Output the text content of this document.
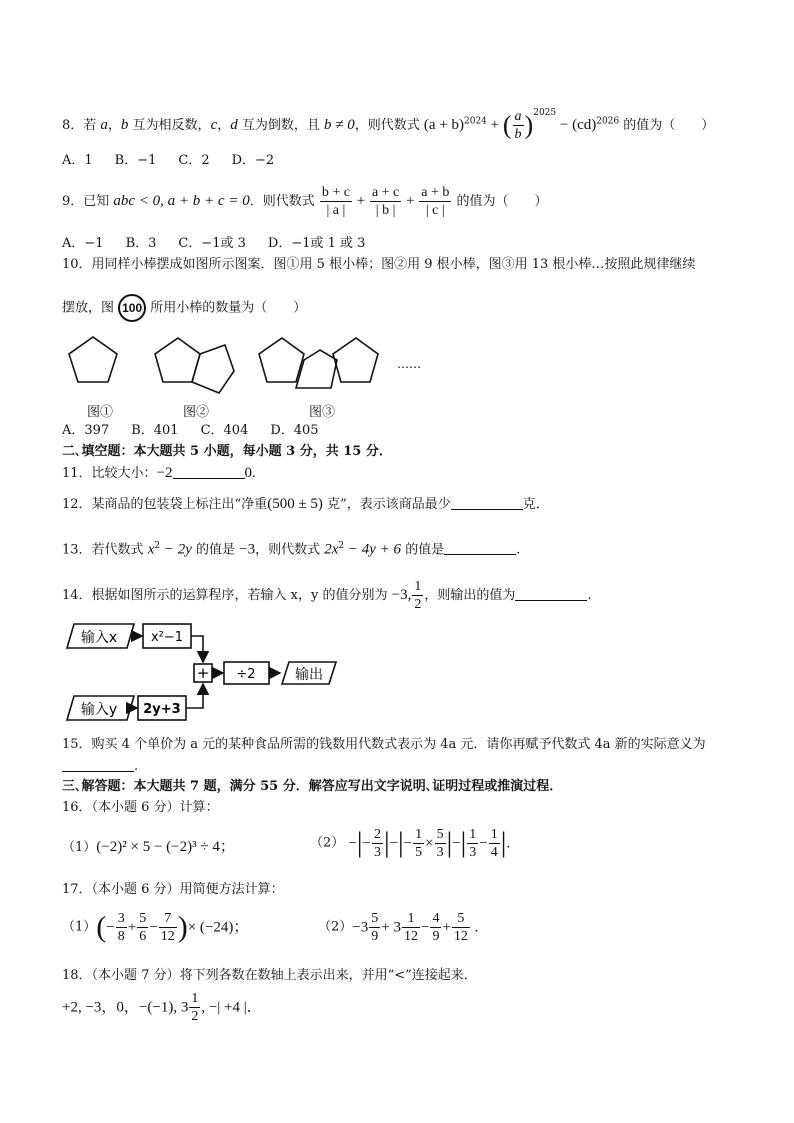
8．若 a，b 互为相反数，c，d 互为倒数，且 b ≠ 0，则代数式 $(a + b)^{2024}$ + ( $\frac{a}{b} )^{2025} - (cd)^{2026}$ 的值为（　　）
A．1 B．−1 C．2 D．−2
9．已知 abc < 0, a + b + c = 0．则代数式 $\frac{b + c}{| a |} + \frac{a + c}{| b |} + \frac{a + b}{| c |}$ 的值为（　　）
A．−1 B．3 C．−1或 3 D．−1或 1 或 3
10．用同样小棒摆成如图所示图案．图①用 5 根小棒；图②用 9 根小棒，图③用 13 根小棒…按照此规律继续
摆放，图 100 所用小棒的数量为（　　）
……
图①	图②	图③
A．397 B．401 C．404 D．405
二､填空题：本大题共 5 小题，每小题 3 分，共 15 分．
11．比较大小：−2	0.
12．某商品的包装袋上标注出“净重(500 ± 5) 克”，表示该商品最少	克．
13．若代数式 $x^2 - 2y$ 的值是 −3，则代数式 $2x^2 - 4y + 6$ 的值是	.
14．根据如图所示的运算程序，若输入 x，y 的值分别为 −3, $\frac{1}{2}$ ，则输出的值为	.
输入x	x²−1
+ ÷2	输出
输入y 2y+3
15．购买 4 个单价为 a 元的某种食品所需的钱数用代数式表示为 4a 元．请你再赋予代数式 4a 新的实际意义为
.
三､解答题：本大题共 7 题，满分 55 分．解答应写出文字说明､证明过程或推演过程．
16．（本小题 6 分）计算：
（1）(−2)² × 5 − (−2)³ ÷ 4；	（2） −|− $\frac{2}{3}$ |−|− $\frac{1}{5} \times \frac{5}{3}$ |−| $\frac{1}{3} - \frac{1}{4}$ |.
17．（本小题 6 分）用简便方法计算：
$(1)(- \frac{3}{8} + \frac{5}{6} - \frac{7}{12}$ )× (−24)；	$(2)-3 \frac{5}{9} + 3 \frac{1}{12} - \frac{4}{9} + \frac{5}{12}$ .
18．（本小题 7 分）将下列各数在数轴上表示出来，并用“<”连接起来．
+2, −3，0，−(−1), $3 \frac{1}{2}$ , −| +4 |．
